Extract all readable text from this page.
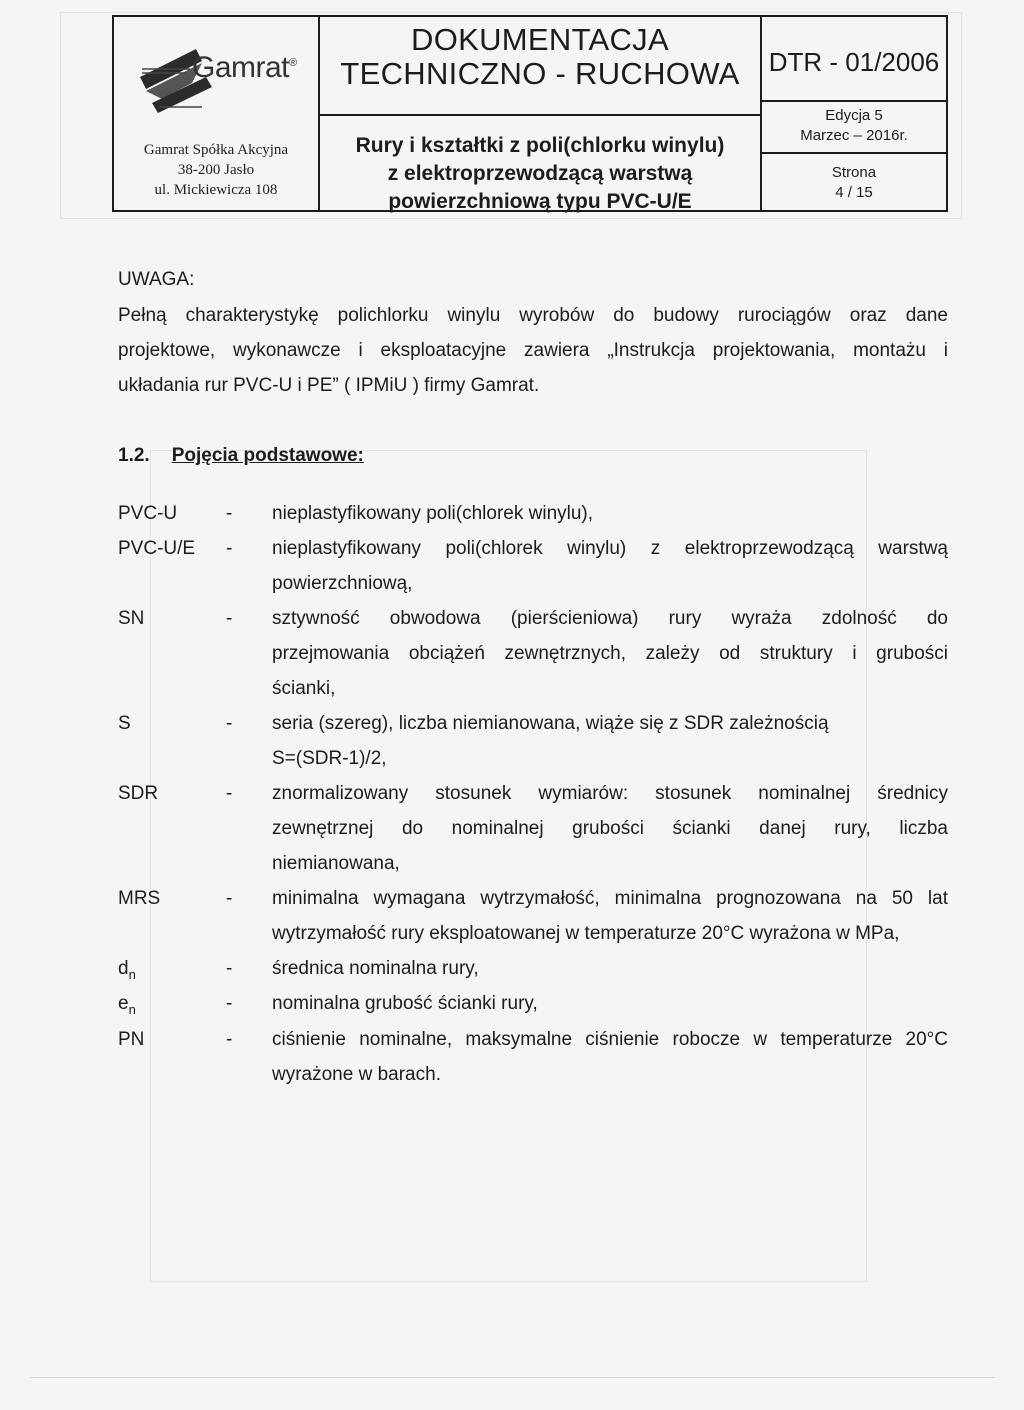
Gamrat®
Gamrat Spółka Akcyjna
38-200 Jasło
ul. Mickiewicza 108
DOKUMENTACJA
TECHNICZNO - RUCHOWA
Rury i kształtki z poli(chlorku winylu)
z elektroprzewodzącą warstwą
powierzchniową typu PVC-U/E
DTR - 01/2006
Edycja 5
Marzec – 2016r.
Strona
4 / 15
UWAGA:
Pełną charakterystykę polichlorku winylu wyrobów do budowy rurociągów oraz dane
projektowe, wykonawcze i eksploatacyjne zawiera „Instrukcja projektowania, montażu i
układania rur PVC-U i PE” ( IPMiU ) firmy Gamrat.
1.2. Pojęcia podstawowe:
PVC-U	- nieplastyfikowany poli(chlorek winylu),
PVC-U/E	- nieplastyfikowany poli(chlorek winylu) z elektroprzewodzącą warstwą
powierzchniową,
SN	- sztywność obwodowa (pierścieniowa) rury wyraża zdolność do
przejmowania obciążeń zewnętrznych, zależy od struktury i grubości
ścianki,
S	- seria (szereg), liczba niemianowana, wiąże się z SDR zależnością
S=(SDR-1)/2,
SDR	- znormalizowany stosunek wymiarów: stosunek nominalnej średnicy
zewnętrznej do nominalnej grubości ścianki danej rury, liczba
niemianowana,
MRS	- minimalna wymagana wytrzymałość, minimalna prognozowana na 50 lat
wytrzymałość rury eksploatowanej w temperaturze 20°C wyrażona w MPa,
$d_n$	- średnica nominalna rury,
$e_n$	- nominalna grubość ścianki rury,
PN	- ciśnienie nominalne, maksymalne ciśnienie robocze w temperaturze 20°C
wyrażone w barach.
